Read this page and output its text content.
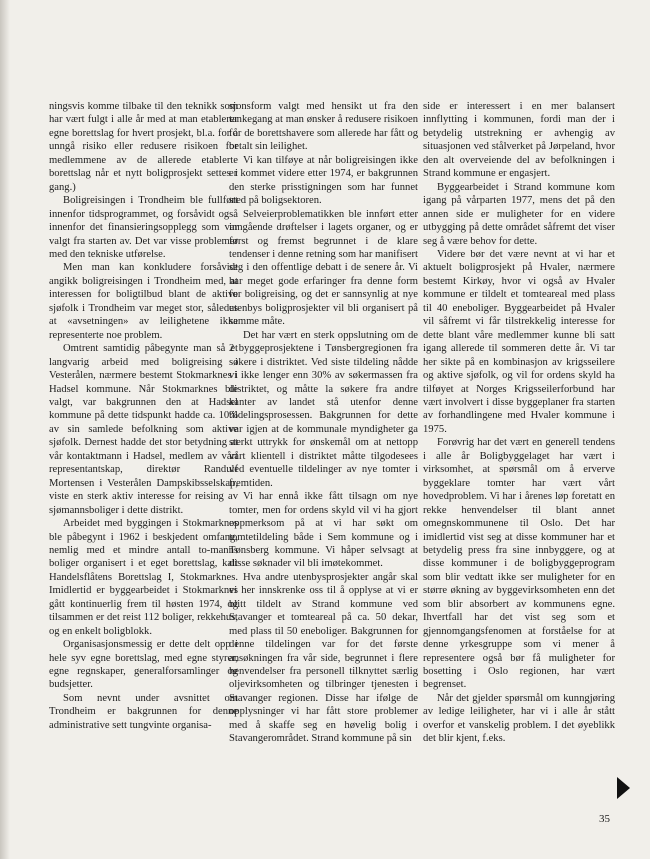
ningsvis komme tilbake til den teknikk som har vært fulgt i alle år med at man etablerer egne borettslag for hvert prosjekt, bl.a. for å unngå risiko eller redusere risikoen for medlemmene av de allerede etablerte borettslag når et nytt boligprosjekt settes i gang.)

Boligreisingen i Trondheim ble fullført innenfor tidsprogrammet, og forsåvidt også innenfor det finansieringsopplegg som var valgt fra starten av. Det var visse problemer med den tekniske utførelse.

Men man kan konkludere forsåvidt angikk boligreisingen i Trondheim med, at interessen for boligtilbud blant de aktive sjøfolk i Trondheim var meget stor, således at «avsetningen» av leilighetene ikke representerte noe problem.

Omtrent samtidig påbegynte man så et langvarig arbeid med boligreising i Vesterålen, nærmere bestemt Stokmarknes i Hadsel kommune. Når Stokmarknes ble valgt, var bakgrunnen den at Hadsel kommune på dette tidspunkt hadde ca. 10% av sin samlede befolkning som aktive sjøfolk. Dernest hadde det stor betydning at vår kontaktmann i Hadsel, medlem av vårt representantskap, direktør Randulf Mortensen i Vesterålen Dampskibsselskap, viste en sterk aktiv interesse for reising av sjømannsboliger i dette distrikt.

Arbeidet med byggingen i Stokmarknes ble påbegynt i 1962 i beskjedent omfang, nemlig med et mindre antall to-manns boliger organisert i et eget borettslag, kalt Handelsflåtens Borettslag I, Stokmarknes. Imidlertid er byggearbeidet i Stokmarknes gått kontinuerlig frem til høsten 1974, og tilsammen er det reist 112 boliger, rekkehus, og en enkelt boligblokk.

Organisasjonsmessig er dette delt opp i hele syv egne borettslag, med egne styrer, egne regnskaper, generalforsamlinger og budsjetter.

Som nevnt under avsnittet om Trondheim er bakgrunnen for denne administrative sett tungvinte organisa-

sjonsform valgt med hensikt ut fra den tankegang at man ønsker å redusere risikoen for de borettshavere som allerede har fått og betalt sin leilighet.

Vi kan tilføye at når boligreisingen ikke er kommet videre etter 1974, er bakgrunnen den sterke prisstigningen som har funnet sted på boligsektoren.

Selveierproblematikken ble innført etter inngående drøftelser i lagets organer, og er først og fremst begrunnet i de klare tendenser i denne retning som har manifisert seg i den offentlige debatt i de senere år. Vi har meget gode erfaringer fra denne form for boligreising, og det er sannsynlig at nye utenbys boligprosjekter vil bli organisert på samme måte.

Det har vært en sterk oppslutning om de 2 byggeprosjektene i Tønsbergregionen fra søkere i distriktet. Ved siste tildeling nådde vi ikke lenger enn 30% av søkermassen fra distriktet, og måtte la søkere fra andre kanter av landet stå utenfor denne tildelingsprosessen. Bakgrunnen for dette var igjen at de kommunale myndigheter ga sterkt uttrykk for ønskemål om at nettopp vårt klientell i distriktet måtte tilgodesees ved eventuelle tildelinger av nye tomter i fremtiden.

Vi har ennå ikke fått tilsagn om nye tomter, men for ordens skyld vil vi ha gjort oppmerksom på at vi har søkt om tomtetildeling både i Sem kommune og i Tønsberg kommune. Vi håper selvsagt at disse søknader vil bli imøtekommet.

Hva andre utenbysprosjekter angår skal vi her innskrenke oss til å opplyse at vi er blitt tildelt av Strand kommune ved Stavanger et tomteareal på ca. 50 dekar, med plass til 50 eneboliger. Bakgrunnen for denne tildelingen var for det første ansøkningen fra vår side, begrunnet i flere henvendelser fra personell tilknyttet særlig oljevirksomheten og tilbringer tjenesten i Stavanger regionen. Disse har ifølge de opplysninger vi har fått store problemer med å skaffe seg en høvelig bolig i Stavangerområdet. Strand kommune på sin

side er interessert i en mer balansert innflytting i kommunen, fordi man der i betydelig utstrekning er avhengig av situasjonen ved stålverket på Jørpeland, hvor den alt overveiende del av befolkningen i Strand kommune er engasjert.

Byggearbeidet i Strand kommune kom igang på vårparten 1977, mens det på den annen side er muligheter for en videre utbygging på dette området såfremt det viser seg å være behov for dette.

Videre bør det være nevnt at vi har et aktuelt boligprosjekt på Hvaler, nærmere bestemt Kirkøy, hvor vi også av Hvaler kommune er tildelt et tomteareal med plass til 40 eneboliger. Byggearbeidet på Hvaler vil såfremt vi får tilstrekkelig interesse for dette blant våre medlemmer kunne bli satt igang allerede til sommeren dette år. Vi tar her sikte på en kombinasjon av krigsseilere og aktive sjøfolk, og vil for ordens skyld ha tilføyet at Norges Krigsseilerforbund har vært involvert i disse byggeplaner fra starten av forhandlingene med Hvaler kommune i 1975.

Forøvrig har det vært en generell tendens i alle år Boligbyggelaget har vært i virksomhet, at spørsmål om å erverve byggeklare tomter har vært vårt hovedproblem. Vi har i årenes løp foretatt en rekke henvendelser til blant annet omegnskommunene til Oslo. Det har imidlertid vist seg at disse kommuner har et betydelig press fra sine innbyggere, og at disse kommuner i de boligbyggeprogram som blir vedtatt ikke ser muligheter for en større økning av byggevirksomheten enn det som blir absorbert av kommunens egne. Ihvertfall har det vist seg som et gjennomgangsfenomen at forståelse for at denne yrkesgruppe som vi mener å representere også bør få muligheter for bosetting i Oslo regionen, har vært begrenset.

Når det gjelder spørsmål om kunngjøring av ledige leiligheter, har vi i alle år stått overfor et vanskelig problem. I det øyeblikk det blir kjent, f.eks.

35
